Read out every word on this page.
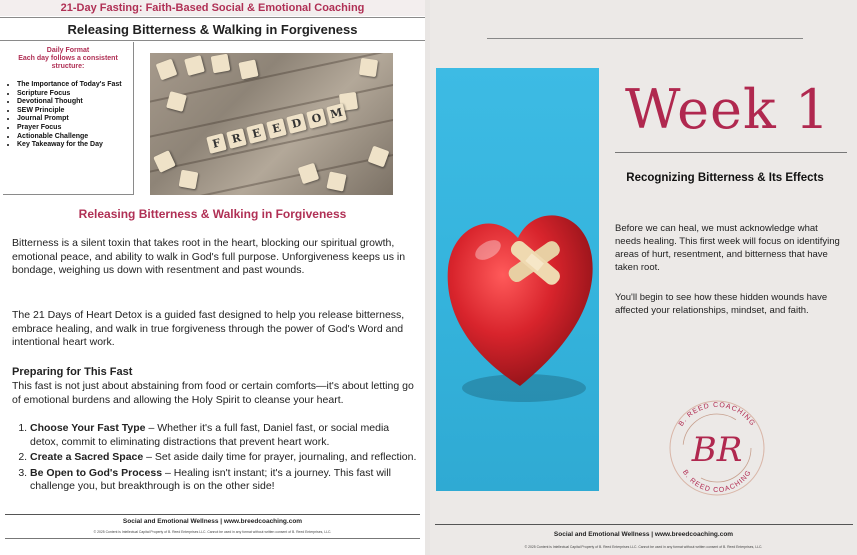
21-Day Fasting: Faith-Based Social & Emotional Coaching
Releasing Bitterness & Walking in Forgiveness
Daily Format
Each day follows a consistent structure:
• The Importance of Today's Fast
• Scripture Focus
• Devotional Thought
• SEW Principle
• Journal Prompt
• Prayer Focus
• Actionable Challenge
• Key Takeaway for the Day	F R E E D O M
Releasing Bitterness & Walking in Forgiveness

Bitterness is a silent toxin that takes root in the heart, blocking our spiritual growth, emotional peace, and ability to walk in God's full purpose. Unforgiveness keeps us in bondage, weighing us down with resentment and past wounds.

The 21 Days of Heart Detox is a guided fast designed to help you release bitterness, embrace healing, and walk in true forgiveness through the power of God's Word and intentional heart work.

Preparing for This Fast

This fast is not just about abstaining from food or certain comforts—it's about letting go of emotional burdens and allowing the Holy Spirit to cleanse your heart.

1. Choose Your Fast Type – Whether it's a full fast, Daniel fast, or social media detox, commit to eliminating distractions that prevent heart work.
2. Create a Sacred Space – Set aside daily time for prayer, journaling, and reflection.
3. Be Open to God's Process – Healing isn't instant; it's a journey. This fast will challenge you, but breakthrough is on the other side!
Social and Emotional Wellness | www.breedcoaching.com
© 2025 Content is Intellectual Capital Property of B. Reed Enterprises LLC. Cannot be used in any format without written consent of B. Reed Enterprises, LLC.
Week 1
Recognizing Bitterness & Its Effects

Before we can heal, we must acknowledge what needs healing. This first week will focus on identifying areas of hurt, resentment, and bitterness that have taken root.

You'll begin to see how these hidden wounds have affected your relationships, mindset, and faith.

B. REED COACHING
B. REED COACHING
BR
Social and Emotional Wellness | www.breedcoaching.com
© 2025 Content is Intellectual Capital Property of B. Reed Enterprises LLC. Cannot be used in any format without written consent of B. Reed Enterprises, LLC.
